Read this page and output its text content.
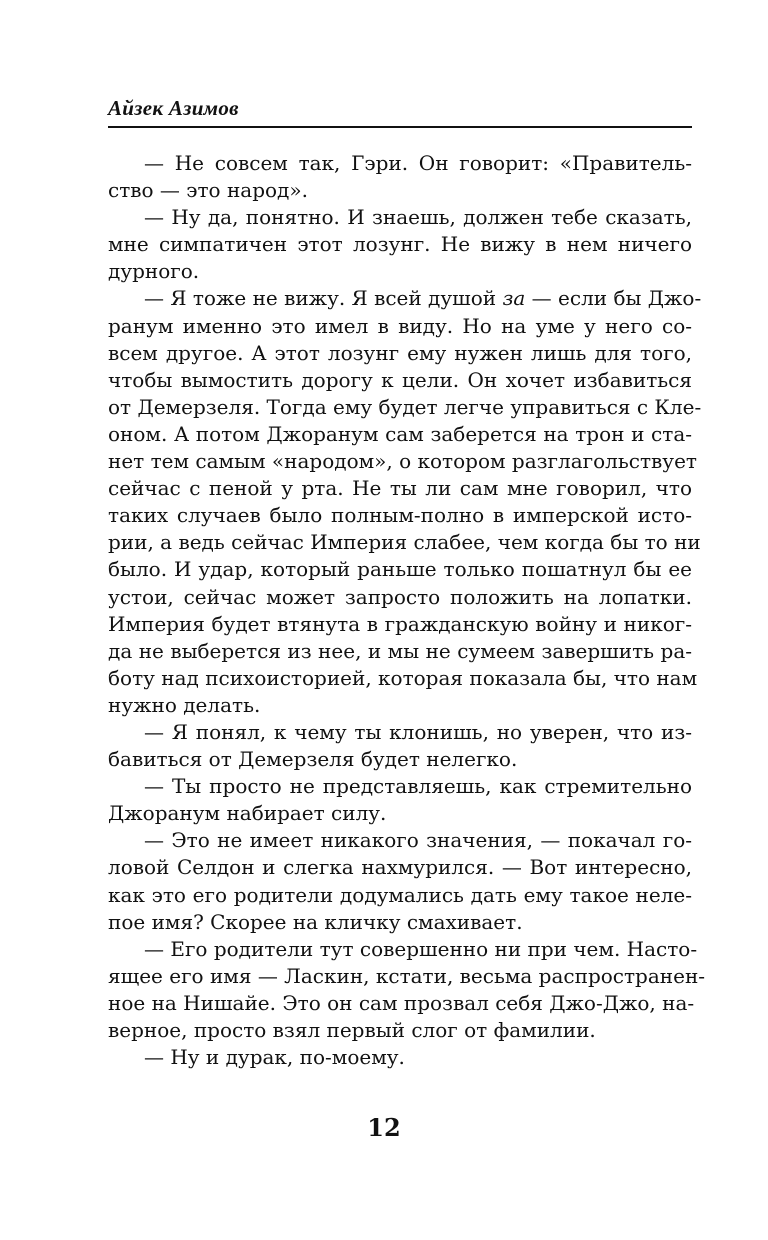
Айзек Азимов
— Не совсем так, Гэри. Он говорит: «Правитель-
ство — это народ».
— Ну да, понятно. И знаешь, должен тебе сказать,
мне симпатичен этот лозунг. Не вижу в нем ничего
дурного.
— Я тоже не вижу. Я всей душой за — если бы Джо-
ранум именно это имел в виду. Но на уме у него со-
всем другое. А этот лозунг ему нужен лишь для того,
чтобы вымостить дорогу к цели. Он хочет избавиться
от Демерзеля. Тогда ему будет легче управиться с Кле-
оном. А потом Джоранум сам заберется на трон и ста-
нет тем самым «народом», о котором разглагольствует
сейчас с пеной у рта. Не ты ли сам мне говорил, что
таких случаев было полным-полно в имперской исто-
рии, а ведь сейчас Империя слабее, чем когда бы то ни
было. И удар, который раньше только пошатнул бы ее
устои, сейчас может запросто положить на лопатки.
Империя будет втянута в гражданскую войну и никог-
да не выберется из нее, и мы не сумеем завершить ра-
боту над психоисторией, которая показала бы, что нам
нужно делать.
— Я понял, к чему ты клонишь, но уверен, что из-
бавиться от Демерзеля будет нелегко.
— Ты просто не представляешь, как стремительно
Джоранум набирает силу.
— Это не имеет никакого значения, — покачал го-
ловой Селдон и слегка нахмурился. — Вот интересно,
как это его родители додумались дать ему такое неле-
пое имя? Скорее на кличку смахивает.
— Его родители тут совершенно ни при чем. Насто-
ящее его имя — Ласкин, кстати, весьма распространен-
ное на Нишайе. Это он сам прозвал себя Джо-Джо, на-
верное, просто взял первый слог от фамилии.
— Ну и дурак, по-моему.
12
